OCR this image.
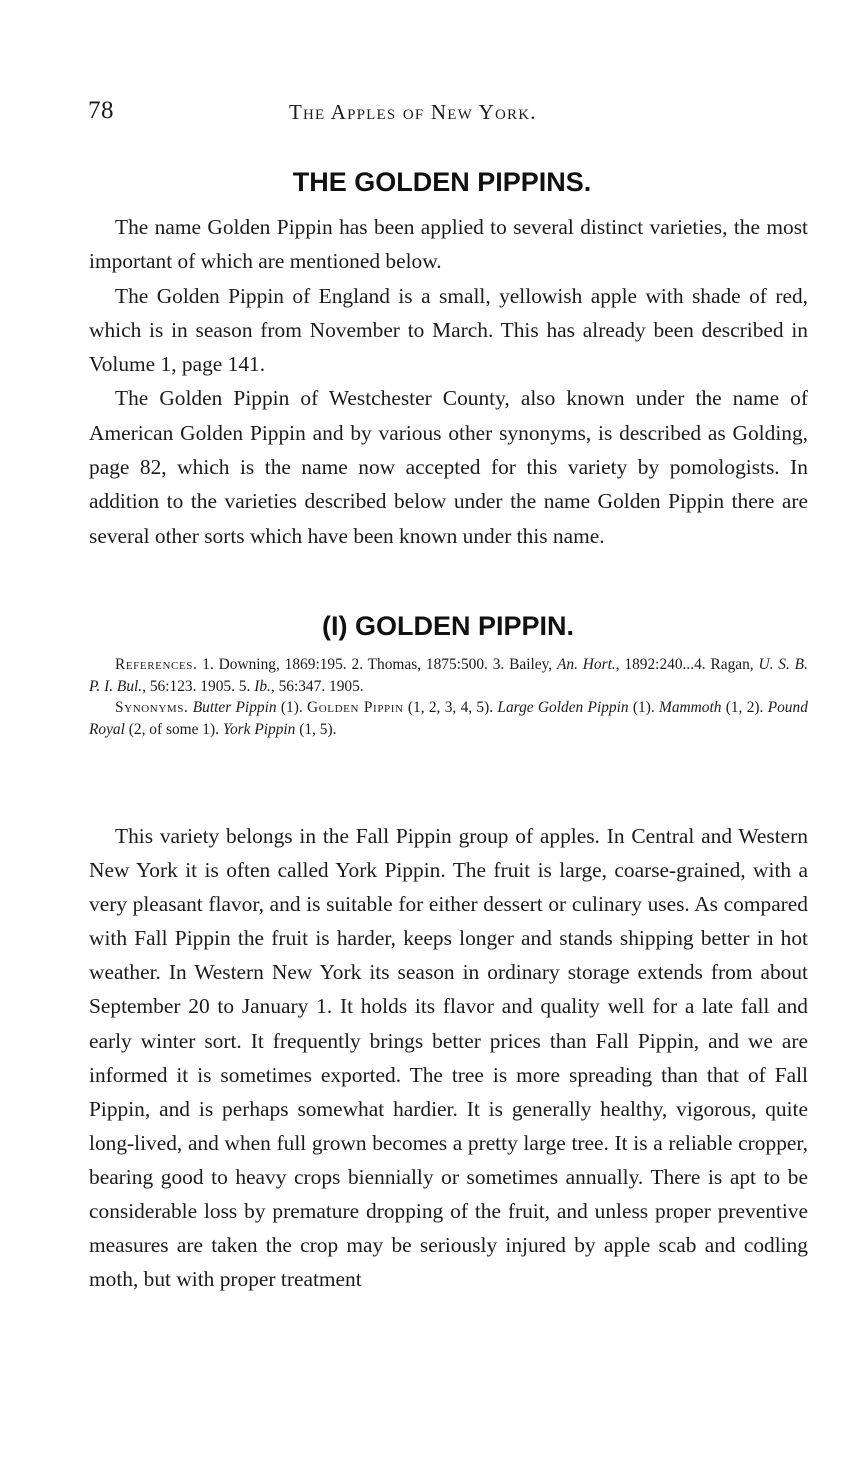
78	The Apples of New York.
THE GOLDEN PIPPINS.

The name Golden Pippin has been applied to several distinct varieties, the most important of which are mentioned below.

The Golden Pippin of England is a small, yellowish apple with shade of red, which is in season from November to March. This has already been described in Volume 1, page 141.

The Golden Pippin of Westchester County, also known under the name of American Golden Pippin and by various other synonyms, is described as Golding, page 82, which is the name now accepted for this variety by pomologists. In addition to the varieties described below under the name Golden Pippin there are several other sorts which have been known under this name.

(I) GOLDEN PIPPIN.

References. 1. Downing, 1869:195. 2. Thomas, 1875:500. 3. Bailey, An. Hort., 1892:240...4. Ragan, U. S. B. P. I. Bul., 56:123. 1905. 5. Ib., 56:347. 1905.

Synonyms. Butter Pippin (1). Golden Pippin (1, 2, 3, 4, 5). Large Golden Pippin (1). Mammoth (1, 2). Pound Royal (2, of some 1). York Pippin (1, 5).

This variety belongs in the Fall Pippin group of apples. In Central and Western New York it is often called York Pippin. The fruit is large, coarse-grained, with a very pleasant flavor, and is suitable for either dessert or culinary uses. As compared with Fall Pippin the fruit is harder, keeps longer and stands shipping better in hot weather. In Western New York its season in ordinary storage extends from about September 20 to January 1. It holds its flavor and quality well for a late fall and early winter sort. It frequently brings better prices than Fall Pippin, and we are informed it is sometimes exported. The tree is more spreading than that of Fall Pippin, and is perhaps somewhat hardier. It is generally healthy, vigorous, quite long-lived, and when full grown becomes a pretty large tree. It is a reliable cropper, bearing good to heavy crops biennially or sometimes annually. There is apt to be considerable loss by premature dropping of the fruit, and unless proper preventive measures are taken the crop may be seriously injured by apple scab and codling moth, but with proper treatment
